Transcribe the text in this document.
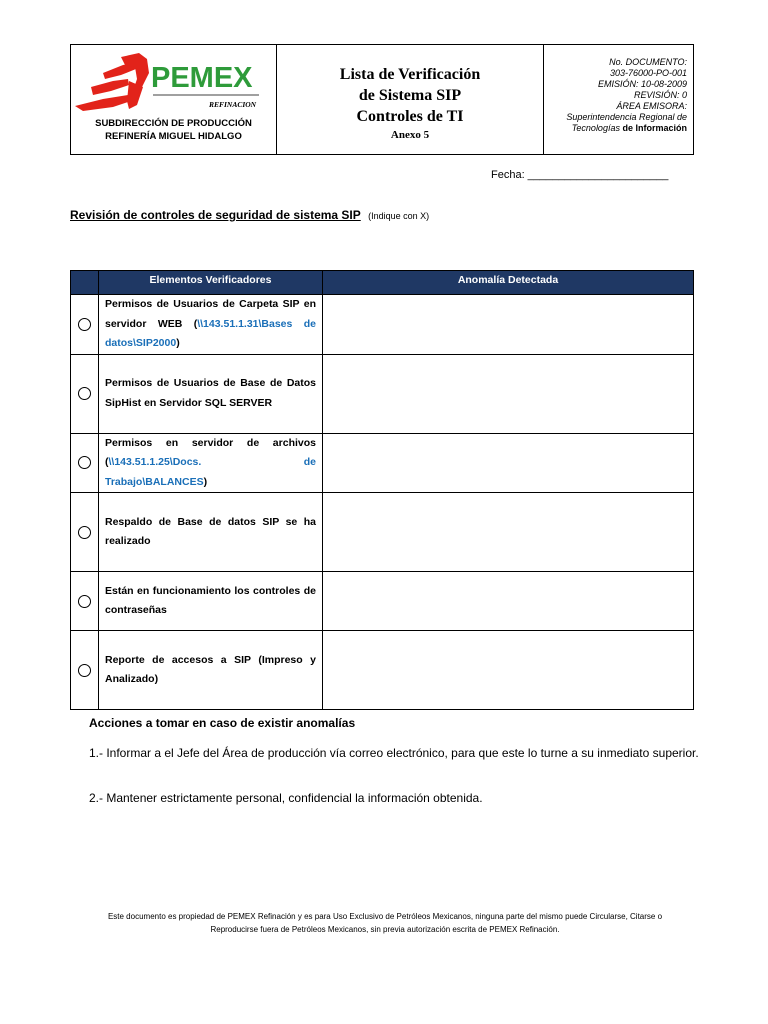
PEMEX
REFINACION
SUBDIRECCIÓN DE PRODUCCIÓN
REFINERÍA MIGUEL HIDALGO
Lista de Verificación
de Sistema SIP
Controles de TI
Anexo 5
No. DOCUMENTO:
303-76000-PO-001
EMISIÓN: 10-08-2009
REVISIÓN: 0
ÁREA EMISORA:
Superintendencia Regional de
Tecnologías de Información
Fecha: _______________________
Revisión de controles de seguridad de sistema SIP (Indique con X)
	Elementos Verificadores	Anomalía Detectada

	Permisos de Usuarios de Carpeta SIP en servidor WEB (\\143.51.1.31\Bases de datos\SIP2000)	

	Permisos de Usuarios de Base de Datos SipHist en Servidor SQL SERVER	

	Permisos en servidor de archivos (\\143.51.1.25\Docs. de Trabajo\BALANCES)	

	Respaldo de Base de datos SIP se ha realizado	

	Están en funcionamiento los controles de contraseñas	

	Reporte de accesos a SIP (Impreso y Analizado)	
Acciones a tomar en caso de existir anomalías
1.- Informar a el Jefe del Área de producción vía correo electrónico, para que este lo turne a su inmediato superior.
2.- Mantener estrictamente personal, confidencial la información obtenida.
Este documento es propiedad de PEMEX Refinación y es para Uso Exclusivo de Petróleos Mexicanos, ninguna parte del mismo puede Circularse, Citarse o
Reproducirse fuera de Petróleos Mexicanos, sin previa autorización escrita de PEMEX Refinación.
